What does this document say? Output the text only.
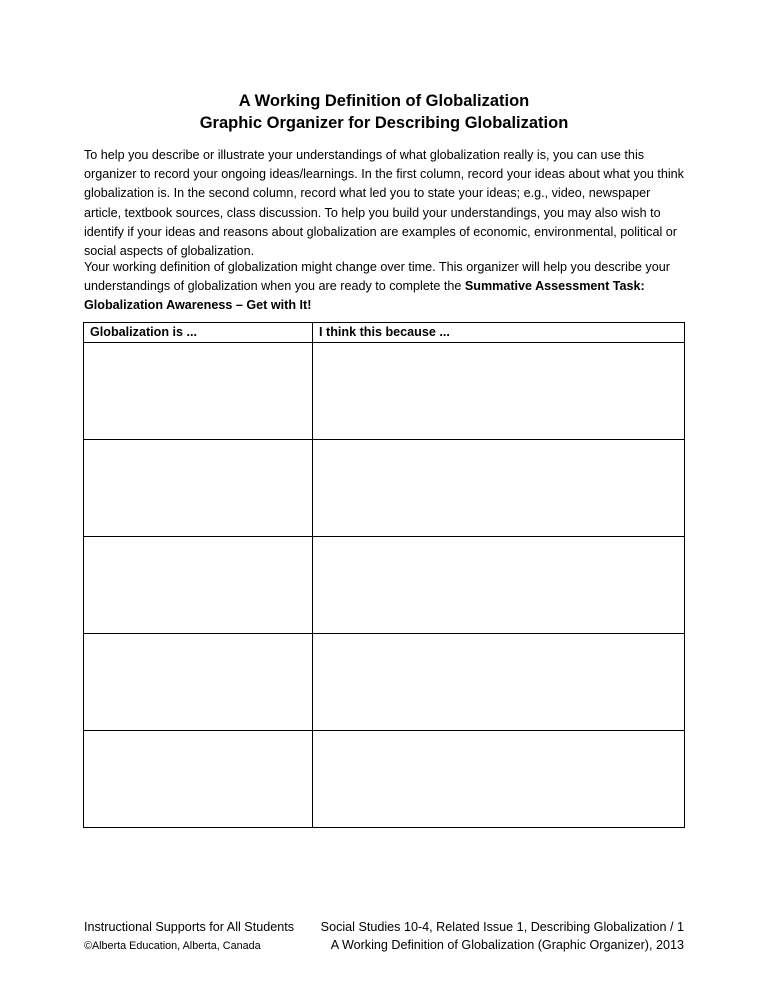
A Working Definition of Globalization
Graphic Organizer for Describing Globalization

To help you describe or illustrate your understandings of what globalization really is, you can use this organizer to record your ongoing ideas/learnings. In the first column, record your ideas about what you think globalization is. In the second column, record what led you to state your ideas; e.g., video, newspaper article, textbook sources, class discussion. To help you build your understandings, you may also wish to identify if your ideas and reasons about globalization are examples of economic, environmental, political or social aspects of globalization.

Your working definition of globalization might change over time. This organizer will help you describe your understandings of globalization when you are ready to complete the Summative Assessment Task: Globalization Awareness – Get with It!

Globalization is ...	I think this because ...

Instructional Supports for All Students
©Alberta Education, Alberta, Canada
Social Studies 10-4, Related Issue 1, Describing Globalization / 1
A Working Definition of Globalization (Graphic Organizer), 2013
